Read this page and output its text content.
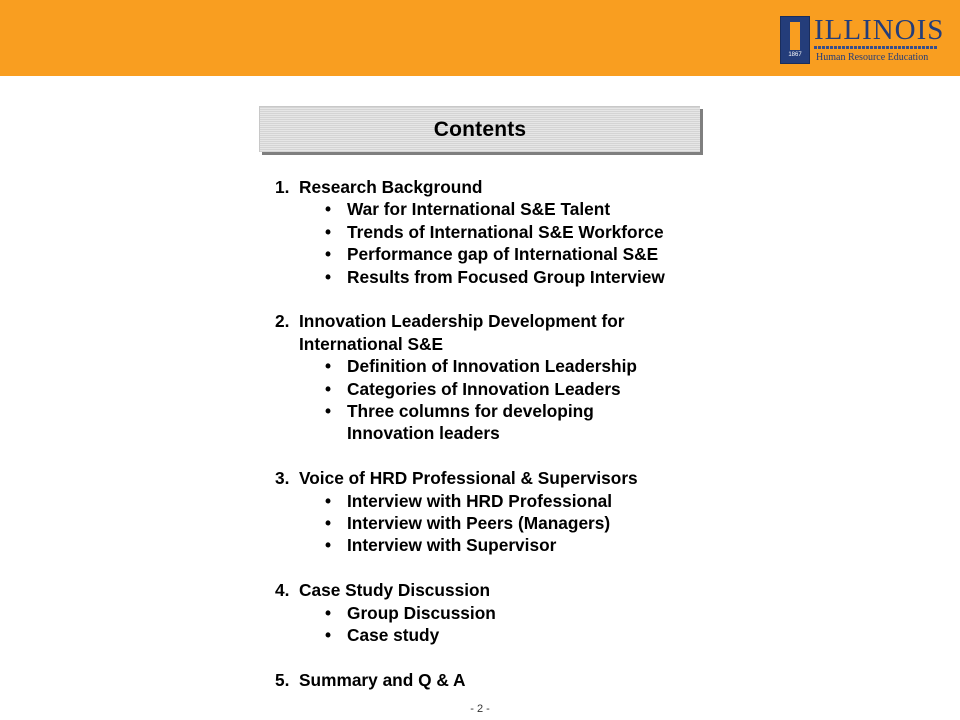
1867
ILLINOIS
for Human Resource Education
Contents
1. Research Background
• War for International S&E Talent
• Trends of International S&E Workforce
• Performance gap of International S&E
• Results from Focused Group Interview
2. Innovation Leadership Development for
International S&E
• Definition of Innovation Leadership
• Categories of Innovation Leaders
• Three columns for developing
Innovation leaders
3. Voice of HRD Professional & Supervisors
• Interview with HRD Professional
• Interview with Peers (Managers)
• Interview with Supervisor
4. Case Study Discussion
• Group Discussion
• Case study
5. Summary and Q & A
- 2 -
